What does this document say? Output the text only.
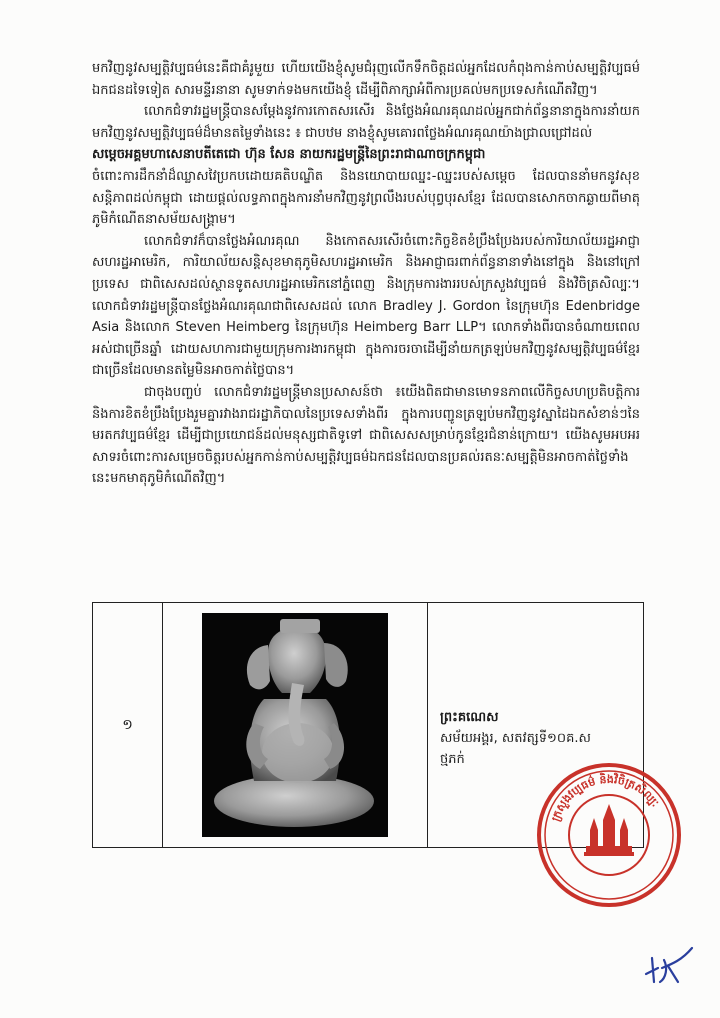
មកវិញនូវសម្បត្តិវប្បធម៌នេះគឺជាគំរូមួយ ហើយយើងខ្ញុំសូមជំរុញលើកទឹកចិត្តដល់អ្នកដែលកំពុងកាន់កាប់សម្បត្តិវប្បធម៌ឯកជនដទៃទៀត សារមន្ទីរនានា សូមទាក់ទងមកយើងខ្ញុំ ដើម្បីពិភាក្សាអំពីការប្រគល់មកប្រទេសកំណើតវិញ។

លោកជំទាវរដ្ឋមន្ត្រីបានសម្តែងនូវការកោតសរសើរ និងថ្លែងអំណរគុណដល់អ្នកជាក់ព័ន្ធនានាក្នុងការនាំយកមកវិញនូវសម្បត្តិវប្បធម៌ដ៏មានតម្លៃទាំងនេះ ៖ ជាបឋម នាងខ្ញុំសូមគោរពថ្លែងអំណរគុណយ៉ាងជ្រាលជ្រៅដល់

សម្តេចអគ្គមហាសេនាបតីតេជោ ហ៊ុន សែន នាយករដ្ឋមន្ត្រីនៃព្រះរាជាណាចក្រកម្ពុជា

ចំពោះការដឹកនាំដ៏ឈ្លាសវៃប្រកបដោយគតិបណ្ឌិត និងនយោបាយឈ្នះ-ឈ្នះរបស់សម្តេច ដែលបាននាំមកនូវសុខសន្តិភាពដល់កម្ពុជា ដោយផ្តល់លទ្ធភាពក្នុងការនាំមកវិញនូវព្រលឹងរបស់បុព្វបុរសខ្មែរ ដែលបានសោកចាកឆ្ងាយពីមាតុភូមិកំណើតនាសម័យសង្គ្រាម។

លោកជំទាវក៏បានថ្លែងអំណរគុណ និងកោតសរសើរចំពោះកិច្ចខិតខំប្រឹងប្រែងរបស់ការិយាល័យរដ្ឋអាជ្ញាសហរដ្ឋអាមេរិក, ការិយាល័យសន្តិសុខមាតុភូមិសហរដ្ឋអាមេរិក និងអាជ្ញាធរពាក់ព័ន្ធនានាទាំងនៅក្នុង និងនៅក្រៅប្រទេស ជាពិសេសដល់ស្ថានទូតសហរដ្ឋអាមេរិកនៅភ្នំពេញ និងក្រុមការងាររបស់ក្រសួងវប្បធម៌ និងវិចិត្រសិល្បៈ។ លោកជំទាវរដ្ឋមន្ត្រីបានថ្លែងអំណរគុណជាពិសេសដល់ លោក Bradley J. Gordon នៃក្រុមហ៊ុន Edenbridge Asia និងលោក Steven Heimberg នៃក្រុមហ៊ុន Heimberg Barr LLP។ លោកទាំងពីរបានចំណាយពេលអស់ជាច្រើនឆ្នាំ ដោយសហការជាមួយក្រុមការងារកម្ពុជា ក្នុងការចរចាដើម្បីនាំយកត្រឡប់មកវិញនូវសម្បត្តិវប្បធម៌ខ្មែរជាច្រើនដែលមានតម្លៃមិនអាចកាត់ថ្លៃបាន។

ជាចុងបញ្ចប់ លោកជំទាវរដ្ឋមន្ត្រីមានប្រសាសន៍ថា ៖យើងពិតជាមានមោទនភាពលើកិច្ចសហប្រតិបត្តិការ និងការខិតខំប្រឹងប្រែងរួមគ្នារវាងរាជរដ្ឋាភិបាលនៃប្រទេសទាំងពីរ ក្នុងការបញ្ជូនត្រឡប់មកវិញនូវស្នាដៃឯកសំខាន់ៗនៃមរតកវប្បធម៌ខ្មែរ ដើម្បីជាប្រយោជន៍ដល់មនុស្សជាតិទូទៅ ជាពិសេសសម្រាប់កូនខ្មែរជំនាន់ក្រោយ។ យើងសូមអបអរសាទរចំពោះការសម្រេចចិត្តរបស់អ្នកកាន់កាប់សម្បត្តិវប្បធម៌ឯកជនដែលបានប្រគល់រតនៈសម្បត្តិមិនអាចកាត់ថ្លៃទាំងនេះមកមាតុភូមិកំណើតវិញ។

១	ព្រះគណេស
សម័យអង្គរ, សតវត្សទី១០គ.ស
ថ្មភក់
ក្រសួងវប្បធម៌ និងវិចិត្រសិល្បៈ
